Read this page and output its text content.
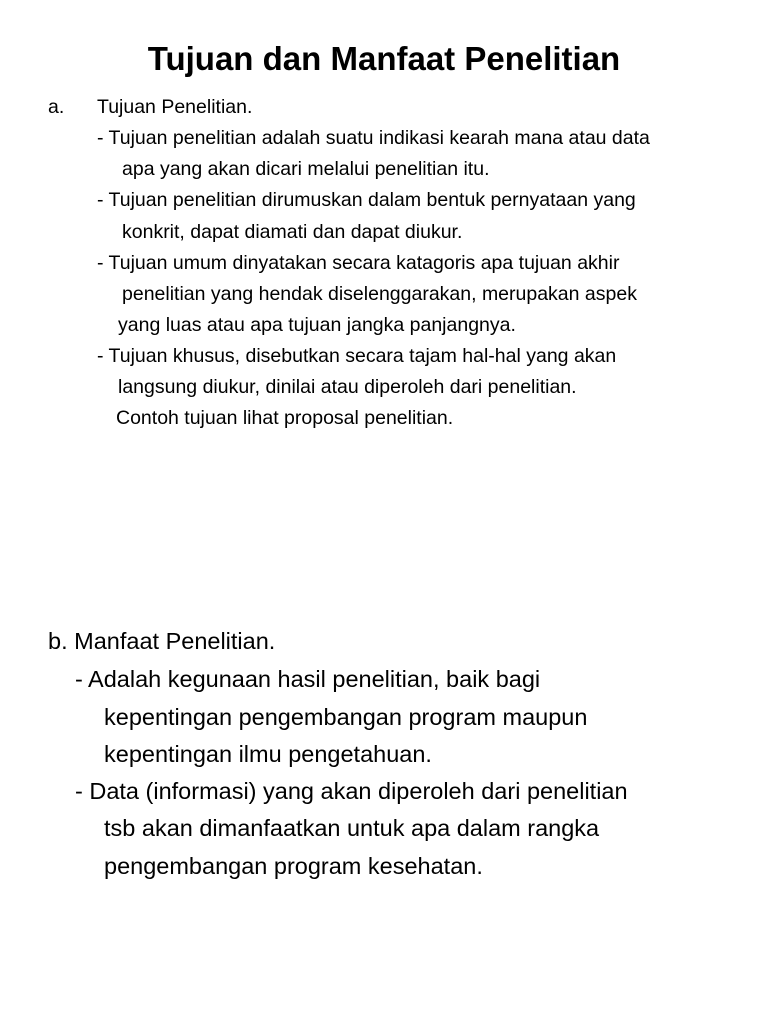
Tujuan dan Manfaat Penelitian

a. Tujuan Penelitian.

- Tujuan penelitian adalah suatu indikasi kearah mana atau data

apa yang akan dicari melalui penelitian itu.

- Tujuan penelitian dirumuskan dalam bentuk pernyataan yang

konkrit, dapat diamati dan dapat diukur.

- Tujuan umum dinyatakan secara katagoris apa tujuan akhir

penelitian yang hendak diselenggarakan, merupakan aspek

yang luas atau apa tujuan jangka panjangnya.

- Tujuan khusus, disebutkan secara tajam hal-hal yang akan

langsung diukur, dinilai atau diperoleh dari penelitian.

Contoh tujuan lihat proposal penelitian.

b. Manfaat Penelitian.

- Adalah kegunaan hasil penelitian, baik bagi

kepentingan pengembangan program maupun

kepentingan ilmu pengetahuan.

- Data (informasi) yang akan diperoleh dari penelitian

tsb akan dimanfaatkan untuk apa dalam rangka

pengembangan program kesehatan.
